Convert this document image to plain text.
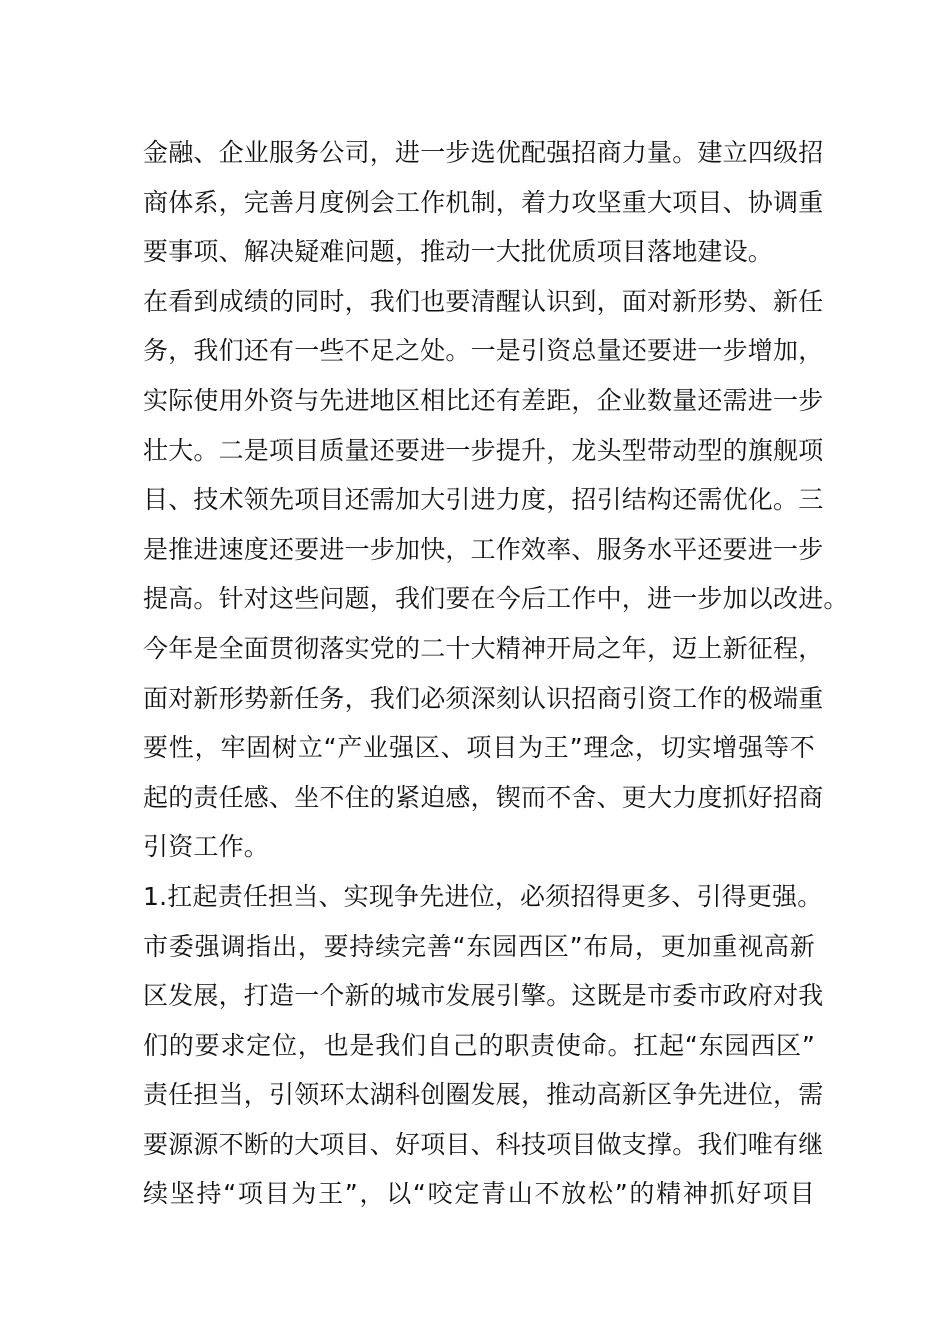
金融、企业服务公司，进一步选优配强招商力量。建立四级招
商体系，完善月度例会工作机制，着力攻坚重大项目、协调重
要事项、解决疑难问题，推动一大批优质项目落地建设。
在看到成绩的同时，我们也要清醒认识到，面对新形势、新任
务，我们还有一些不足之处。一是引资总量还要进一步增加，
实际使用外资与先进地区相比还有差距，企业数量还需进一步
壮大。二是项目质量还要进一步提升，龙头型带动型的旗舰项
目、技术领先项目还需加大引进力度，招引结构还需优化。三
是推进速度还要进一步加快，工作效率、服务水平还要进一步
提高。针对这些问题，我们要在今后工作中，进一步加以改进。
今年是全面贯彻落实党的二十大精神开局之年，迈上新征程，
面对新形势新任务，我们必须深刻认识招商引资工作的极端重
要性，牢固树立“产业强区、项目为王”理念，切实增强等不
起的责任感、坐不住的紧迫感，锲而不舍、更大力度抓好招商
引资工作。
1.扛起责任担当、实现争先进位，必须招得更多、引得更强。
市委强调指出，要持续完善“东园西区”布局，更加重视高新
区发展，打造一个新的城市发展引擎。这既是市委市政府对我
们的要求定位，也是我们自己的职责使命。扛起“东园西区”
责任担当，引领环太湖科创圈发展，推动高新区争先进位，需
要源源不断的大项目、好项目、科技项目做支撑。我们唯有继
续坚持“项目为王”，以“咬定青山不放松”的精神抓好项目
